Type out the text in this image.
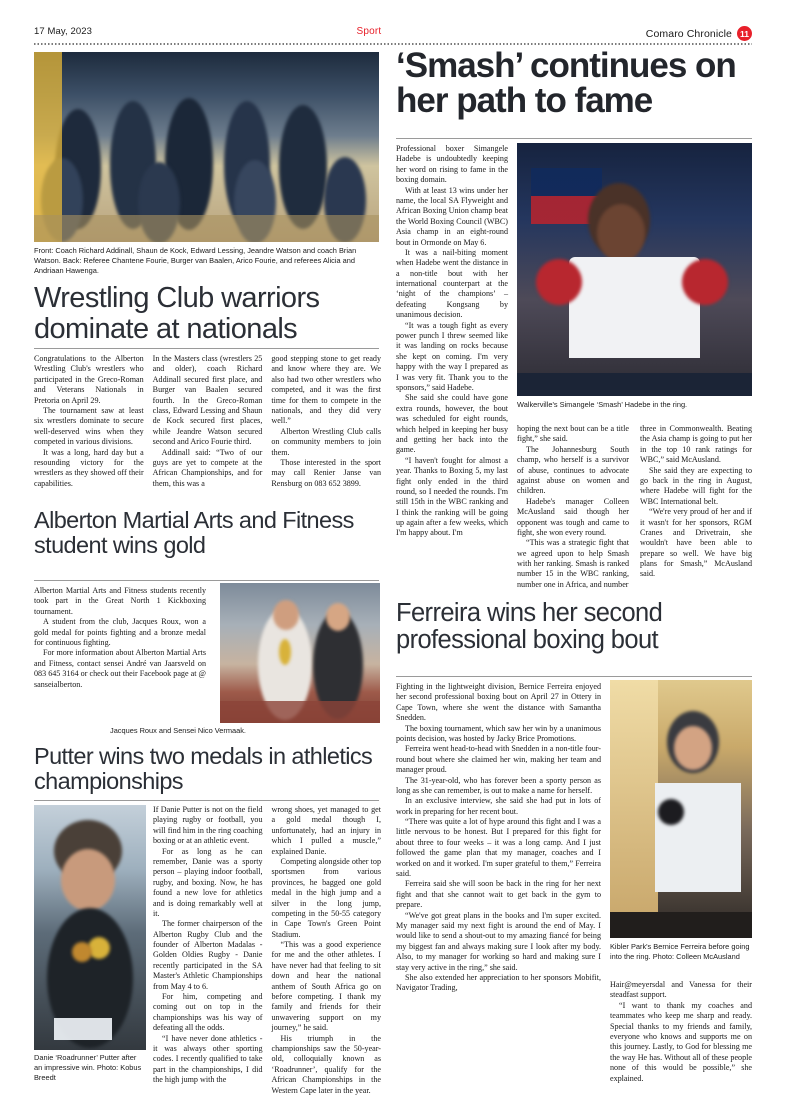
17 May, 2023	Sport	Comaro Chronicle 11
Front: Coach Richard Addinall, Shaun de Kock, Edward Lessing, Jeandre Watson and coach Brian Watson. Back: Referee Chantene Fourie, Burger van Baalen, Arico Fourie, and referees Alicia and Andriaan Hawenga.
Wrestling Club warriors dominate at nationals

Congratulations to the Alberton Wrestling Club's wrestlers who participated in the Greco-Roman and Veterans Nationals in Pretoria on April 29.

The tournament saw at least six wrestlers dominate to secure well-deserved wins when they competed in various divisions.

It was a long, hard day but a resounding victory for the wrestlers as they showed off their capabilities.

In the Masters class (wrestlers 25 and older), coach Richard Addinall secured first place, and Burger van Baalen secured fourth. In the Greco-Roman class, Edward Lessing and Shaun de Kock secured first places, while Jeandre Watson secured second and Arico Fourie third.

Addinall said: “Two of our guys are yet to compete at the African Championships, and for them, this was a

good stepping stone to get ready and know where they are. We also had two other wrestlers who competed, and it was the first time for them to compete in the nationals, and they did very well.”

Alberton Wrestling Club calls on community members to join them.

Those interested in the sport may call Renier Janse van Rensburg on 083 652 3899.

Alberton Martial Arts and Fitness student wins gold

Alberton Martial Arts and Fitness students recently took part in the Great North 1 Kickboxing tournament.

A student from the club, Jacques Roux, won a gold medal for points fighting and a bronze medal for continuous fighting.

For more information about Alberton Martial Arts and Fitness, contact sensei André van Jaarsveld on 083 645 3164 or check out their Facebook page at @ sanseialberton.

Jacques Roux and Sensei Nico Vermaak.
Putter wins two medals in athletics championships
Danie ‘Roadrunner’ Putter after an impressive win. Photo: Kobus Breedt

If Danie Putter is not on the field playing rugby or football, you will find him in the ring coaching boxing or at an athletic event.

For as long as he can remember, Danie was a sporty person – playing indoor football, rugby, and boxing. Now, he has found a new love for athletics and is doing remarkably well at it.

The former chairperson of the Alberton Rugby Club and the founder of Alberton Madalas - Golden Oldies Rugby - Danie recently participated in the SA Master's Athletic Championships from May 4 to 6.

For him, competing and coming out on top in the championships was his way of defeating all the odds.

“I have never done athletics - it was always other sporting codes. I recently qualified to take part in the championships, I did the high jump with the

wrong shoes, yet managed to get a gold medal though I, unfortunately, had an injury in which I pulled a muscle,” explained Danie.

Competing alongside other top sportsmen from various provinces, he bagged one gold medal in the high jump and a silver in the long jump, competing in the 50-55 category in Cape Town's Green Point Stadium.

“This was a good experience for me and the other athletes. I have never had that feeling to sit down and hear the national anthem of South Africa go on before competing. I thank my family and friends for their unwavering support on my journey,” he said.

His triumph in the championships saw the 50-year-old, colloquially known as ‘Roadrunner’, qualify for the African Championships in the Western Cape later in the year.

‘Smash’ continues on her path to fame

Professional boxer Simangele Hadebe is undoubtedly keeping her word on rising to fame in the boxing domain.

With at least 13 wins under her name, the local SA Flyweight and African Boxing Union champ beat the World Boxing Council (WBC) Asia champ in an eight-round bout in Ormonde on May 6.

It was a nail-biting moment when Hadebe went the distance in a non-title bout with her international counterpart at the ‘night of the champions’ – defeating Kongsang by unanimous decision.

“It was a tough fight as every power punch I threw seemed like it was landing on rocks because she kept on coming. I'm very happy with the way I prepared as I was very fit. Thank you to the sponsors,” said Hadebe.

She said she could have gone extra rounds, however, the bout was scheduled for eight rounds, which helped in keeping her busy and getting her back into the game.

“I haven't fought for almost a year. Thanks to Boxing 5, my last fight only ended in the third round, so I needed the rounds. I'm still 15th in the WBC ranking and I think the ranking will be going up again after a few weeks, which I'm happy about. I'm

Walkerville's Simangele ‘Smash’ Hadebe in the ring.

hoping the next bout can be a title fight,” she said.

The Johannesburg South champ, who herself is a survivor of abuse, continues to advocate against abuse on women and children.

Hadebe's manager Colleen McAusland said though her opponent was tough and came to fight, she won every round.

“This was a strategic fight that we agreed upon to help Smash with her ranking. Smash is ranked number 15 in the WBC ranking, number one in Africa, and number

three in Commonwealth. Beating the Asia champ is going to put her in the top 10 rank ratings for WBC,” said McAusland.

She said they are expecting to go back in the ring in August, where Hadebe will fight for the WBC International belt.

“We're very proud of her and if it wasn't for her sponsors, RGM Cranes and Drivetrain, she wouldn't have been able to prepare so well. We have big plans for Smash,” McAusland said.

Ferreira wins her second professional boxing bout

Fighting in the lightweight division, Bernice Ferreira enjoyed her second professional boxing bout on April 27 in Ottery in Cape Town, where she went the distance with Samantha Snedden.

The boxing tournament, which saw her win by a unanimous points decision, was hosted by Jacky Brice Promotions.

Ferreira went head-to-head with Snedden in a non-title four-round bout where she claimed her win, making her team and manager proud.

The 31-year-old, who has forever been a sporty person as long as she can remember, is out to make a name for herself.

In an exclusive interview, she said she had put in lots of work in preparing for her recent bout.

“There was quite a lot of hype around this fight and I was a little nervous to be honest. But I prepared for this fight for about three to four weeks – it was a long camp. And I just followed the game plan that my manager, coaches and I worked on and it worked. I'm super grateful to them,” Ferreira said.

Ferreira said she will soon be back in the ring for her next fight and that she cannot wait to get back in the gym to prepare.

“We've got great plans in the books and I'm super excited. My manager said my next fight is around the end of May. I would like to send a shout-out to my amazing fiancé for being my biggest fan and always making sure I look after my body. Also, to my manager for working so hard and making sure I stay very active in the ring,” she said.

She also extended her appreciation to her sponsors Mobifit, Navigator Trading,

Kibler Park's Bernice Ferreira before going into the ring. Photo: Colleen McAusland

Hair@meyersdal and Vanessa for their steadfast support.

“I want to thank my coaches and teammates who keep me sharp and ready. Special thanks to my friends and family, everyone who knows and supports me on this journey. Lastly, to God for blessing me the way He has. Without all of these people none of this would be possible,” she explained.
